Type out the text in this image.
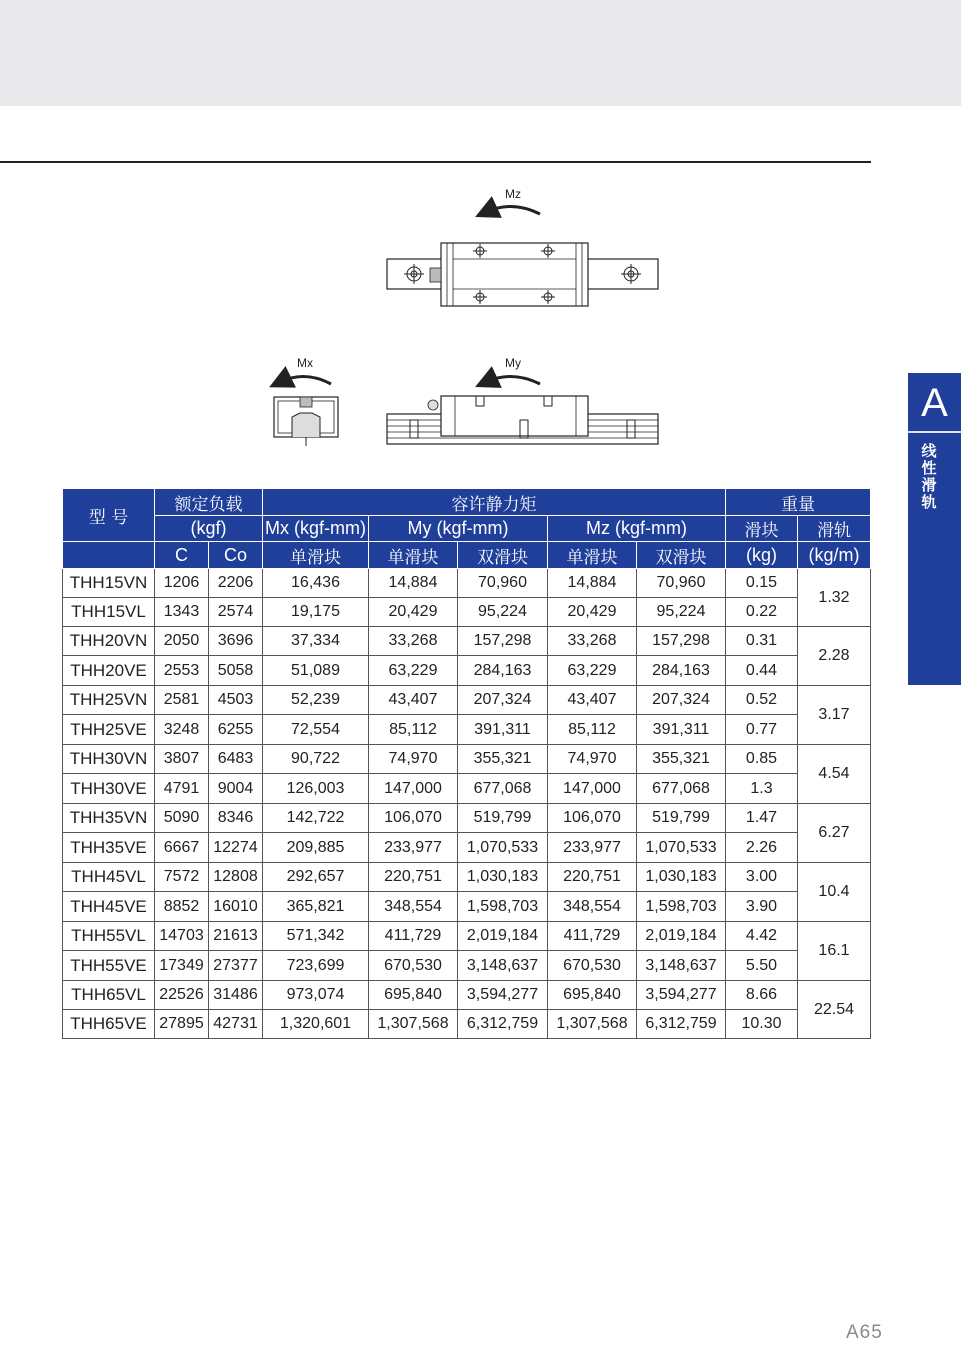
A
线
性
滑
轨
Mz
Mx	My
型 号	额定负载		容许静力矩					重量	
	(kgf)		Mx (kgf-mm)	My (kgf-mm)		Mz (kgf-mm)		滑块	滑轨
	C	Co	单滑块	单滑块	双滑块	单滑块	双滑块	(kg)	(kg/m)
THH15VN	1206	2206	16,436	14,884	70,960	14,884	70,960	0.15	1.32
THH15VL	1343	2574	19,175	20,429	95,224	20,429	95,224	0.22	
THH20VN	2050	3696	37,334	33,268	157,298	33,268	157,298	0.31	2.28
THH20VE	2553	5058	51,089	63,229	284,163	63,229	284,163	0.44	
THH25VN	2581	4503	52,239	43,407	207,324	43,407	207,324	0.52	3.17
THH25VE	3248	6255	72,554	85,112	391,311	85,112	391,311	0.77	
THH30VN	3807	6483	90,722	74,970	355,321	74,970	355,321	0.85	4.54
THH30VE	4791	9004	126,003	147,000	677,068	147,000	677,068	1.3	
THH35VN	5090	8346	142,722	106,070	519,799	106,070	519,799	1.47	6.27
THH35VE	6667	12274	209,885	233,977	1,070,533	233,977	1,070,533	2.26	
THH45VL	7572	12808	292,657	220,751	1,030,183	220,751	1,030,183	3.00	10.4
THH45VE	8852	16010	365,821	348,554	1,598,703	348,554	1,598,703	3.90	
THH55VL	14703	21613	571,342	411,729	2,019,184	411,729	2,019,184	4.42	16.1
THH55VE	17349	27377	723,699	670,530	3,148,637	670,530	3,148,637	5.50	
THH65VL	22526	31486	973,074	695,840	3,594,277	695,840	3,594,277	8.66	22.54
THH65VE	27895	42731	1,320,601	1,307,568	6,312,759	1,307,568	6,312,759	10.30	
A65
